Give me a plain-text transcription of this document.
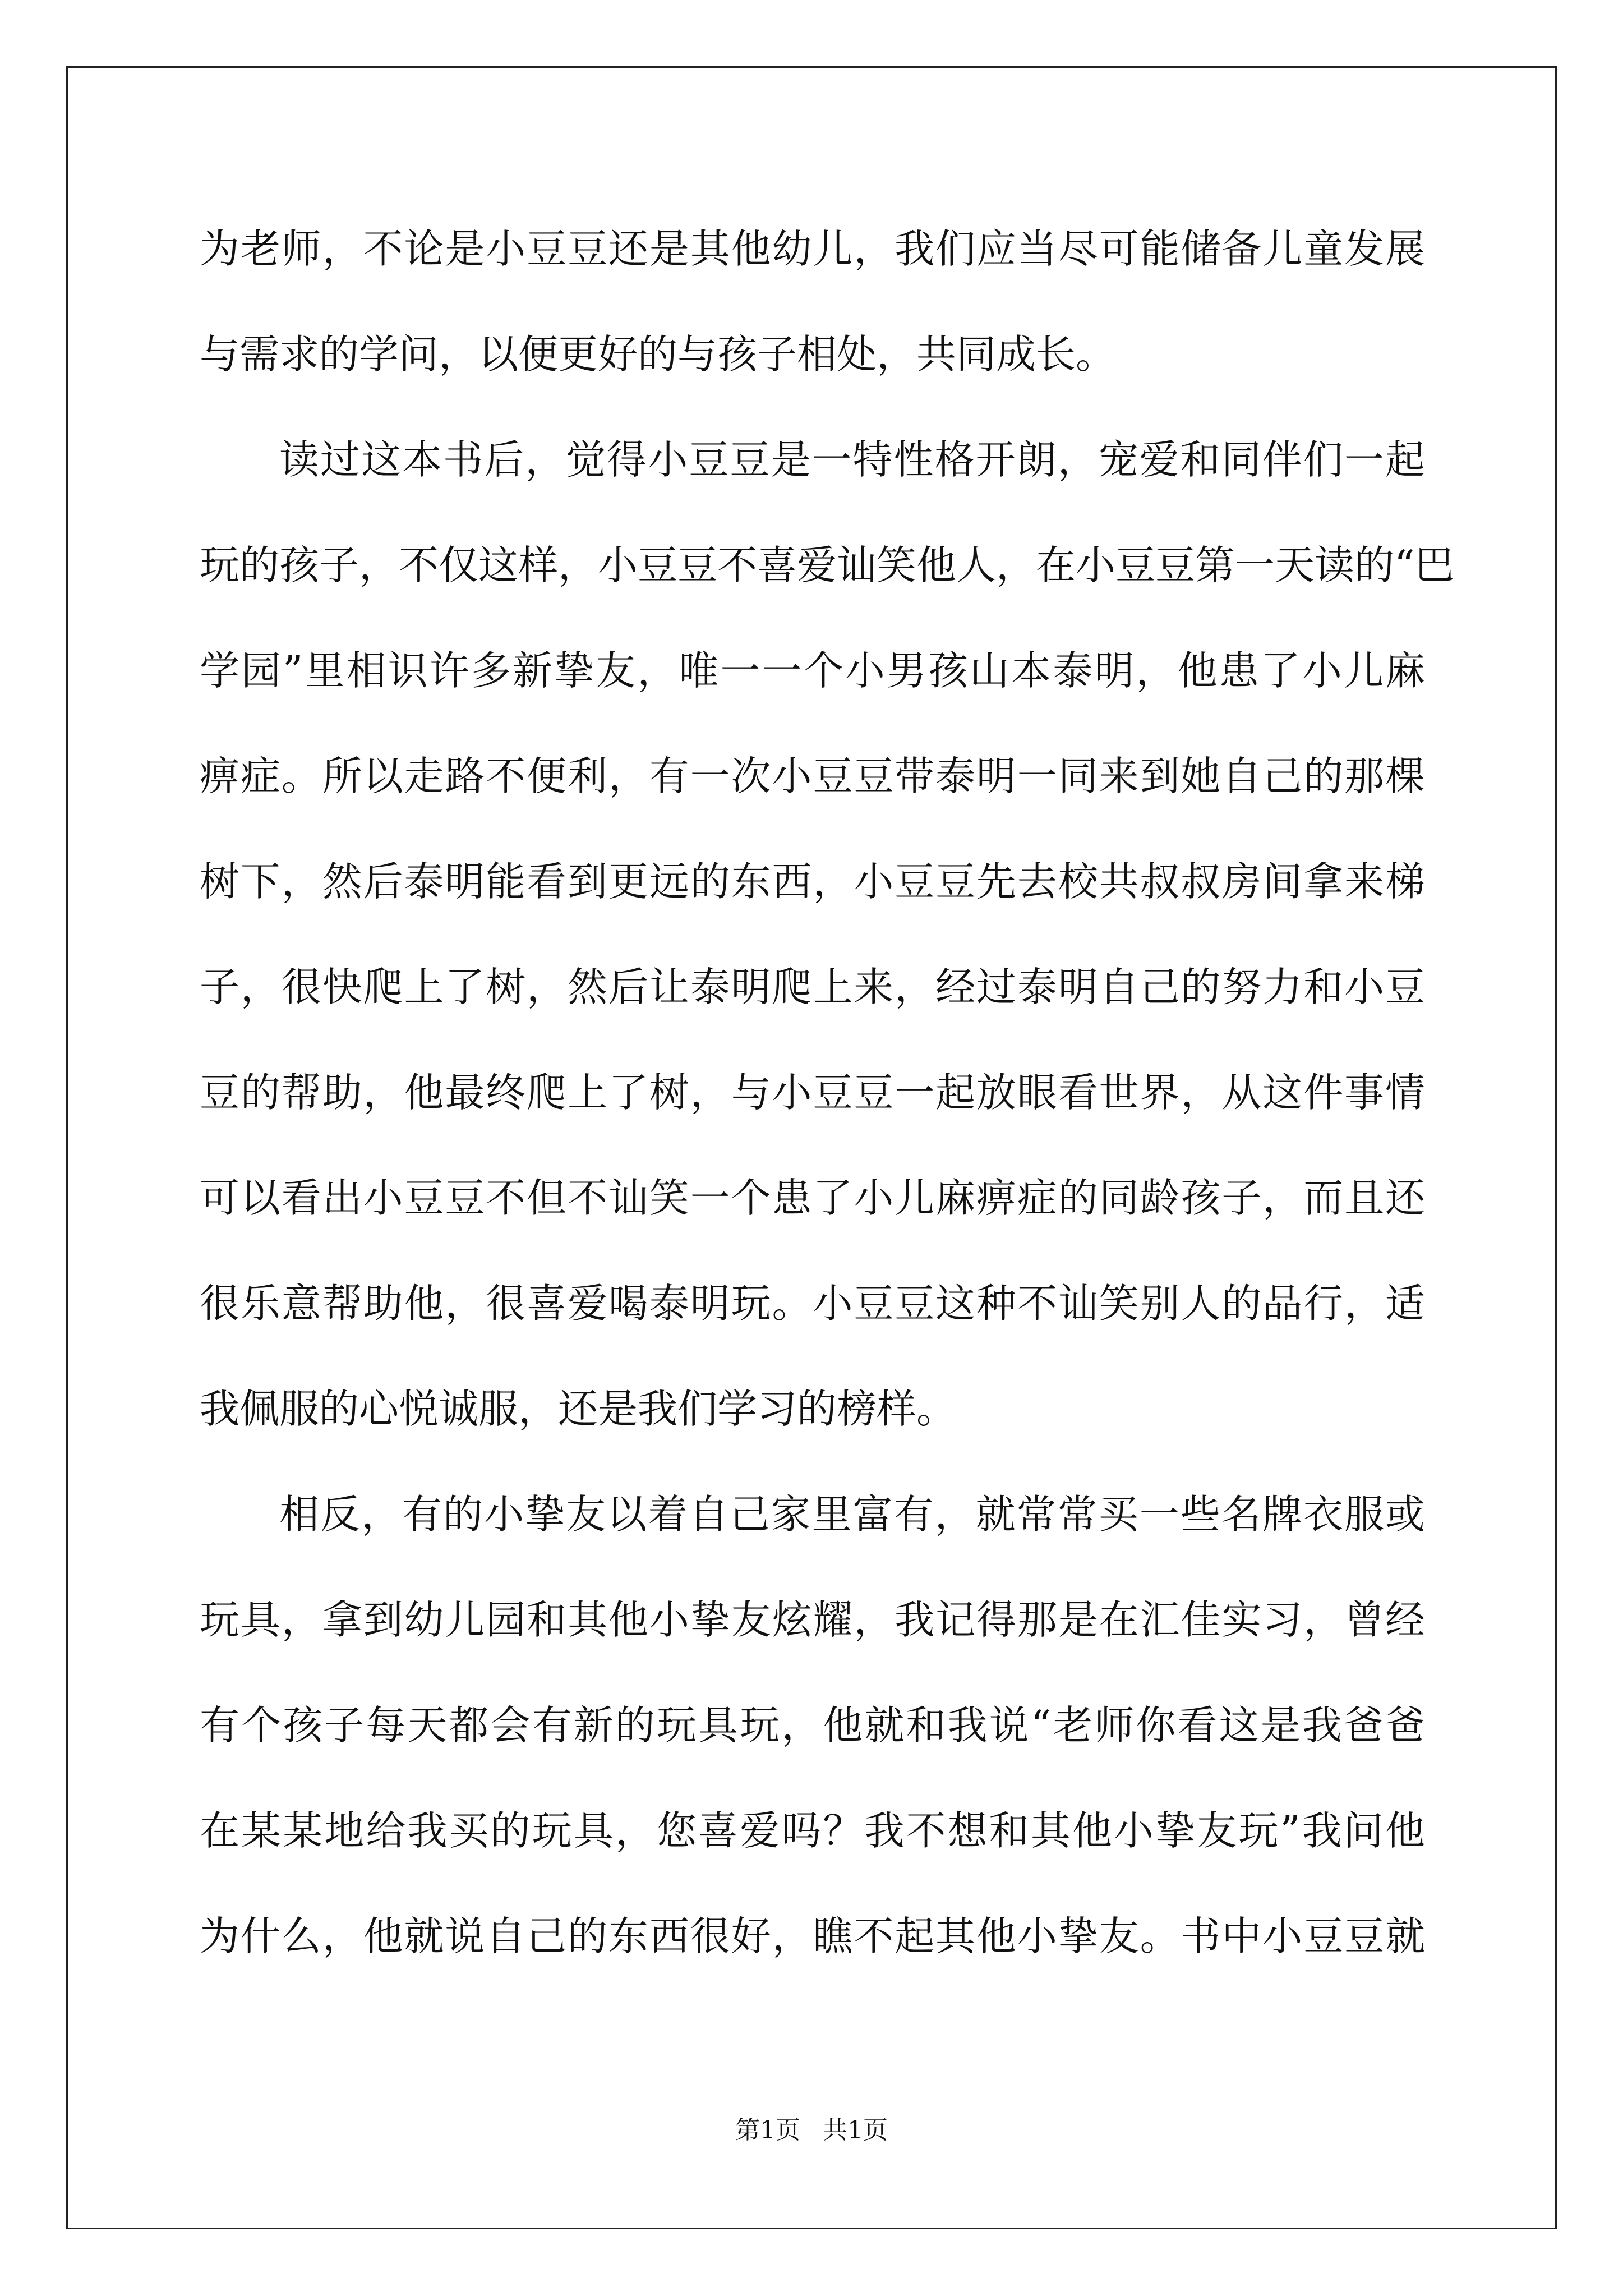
为老师，不论是小豆豆还是其他幼儿，我们应当尽可能储备儿童发展
与需求的学问，以便更好的与孩子相处，共同成长。
读过这本书后，觉得小豆豆是一特性格开朗，宠爱和同伴们一起
玩的孩子，不仅这样，小豆豆不喜爱讪笑他人，在小豆豆第一天读的“巴
学园”里相识许多新挚友，唯一一个小男孩山本泰明，他患了小儿麻
痹症。所以走路不便利，有一次小豆豆带泰明一同来到她自己的那棵
树下，然后泰明能看到更远的东西，小豆豆先去校共叔叔房间拿来梯
子，很快爬上了树，然后让泰明爬上来，经过泰明自己的努力和小豆
豆的帮助，他最终爬上了树，与小豆豆一起放眼看世界，从这件事情
可以看出小豆豆不但不讪笑一个患了小儿麻痹症的同龄孩子，而且还
很乐意帮助他，很喜爱喝泰明玩。小豆豆这种不讪笑别人的品行，适
我佩服的心悦诚服，还是我们学习的榜样。
相反，有的小挚友以着自己家里富有，就常常买一些名牌衣服或
玩具，拿到幼儿园和其他小挚友炫耀，我记得那是在汇佳实习，曾经
有个孩子每天都会有新的玩具玩，他就和我说“老师你看这是我爸爸
在某某地给我买的玩具，您喜爱吗？我不想和其他小挚友玩”我问他
为什么，他就说自己的东西很好，瞧不起其他小挚友。书中小豆豆就
第1页 共1页
